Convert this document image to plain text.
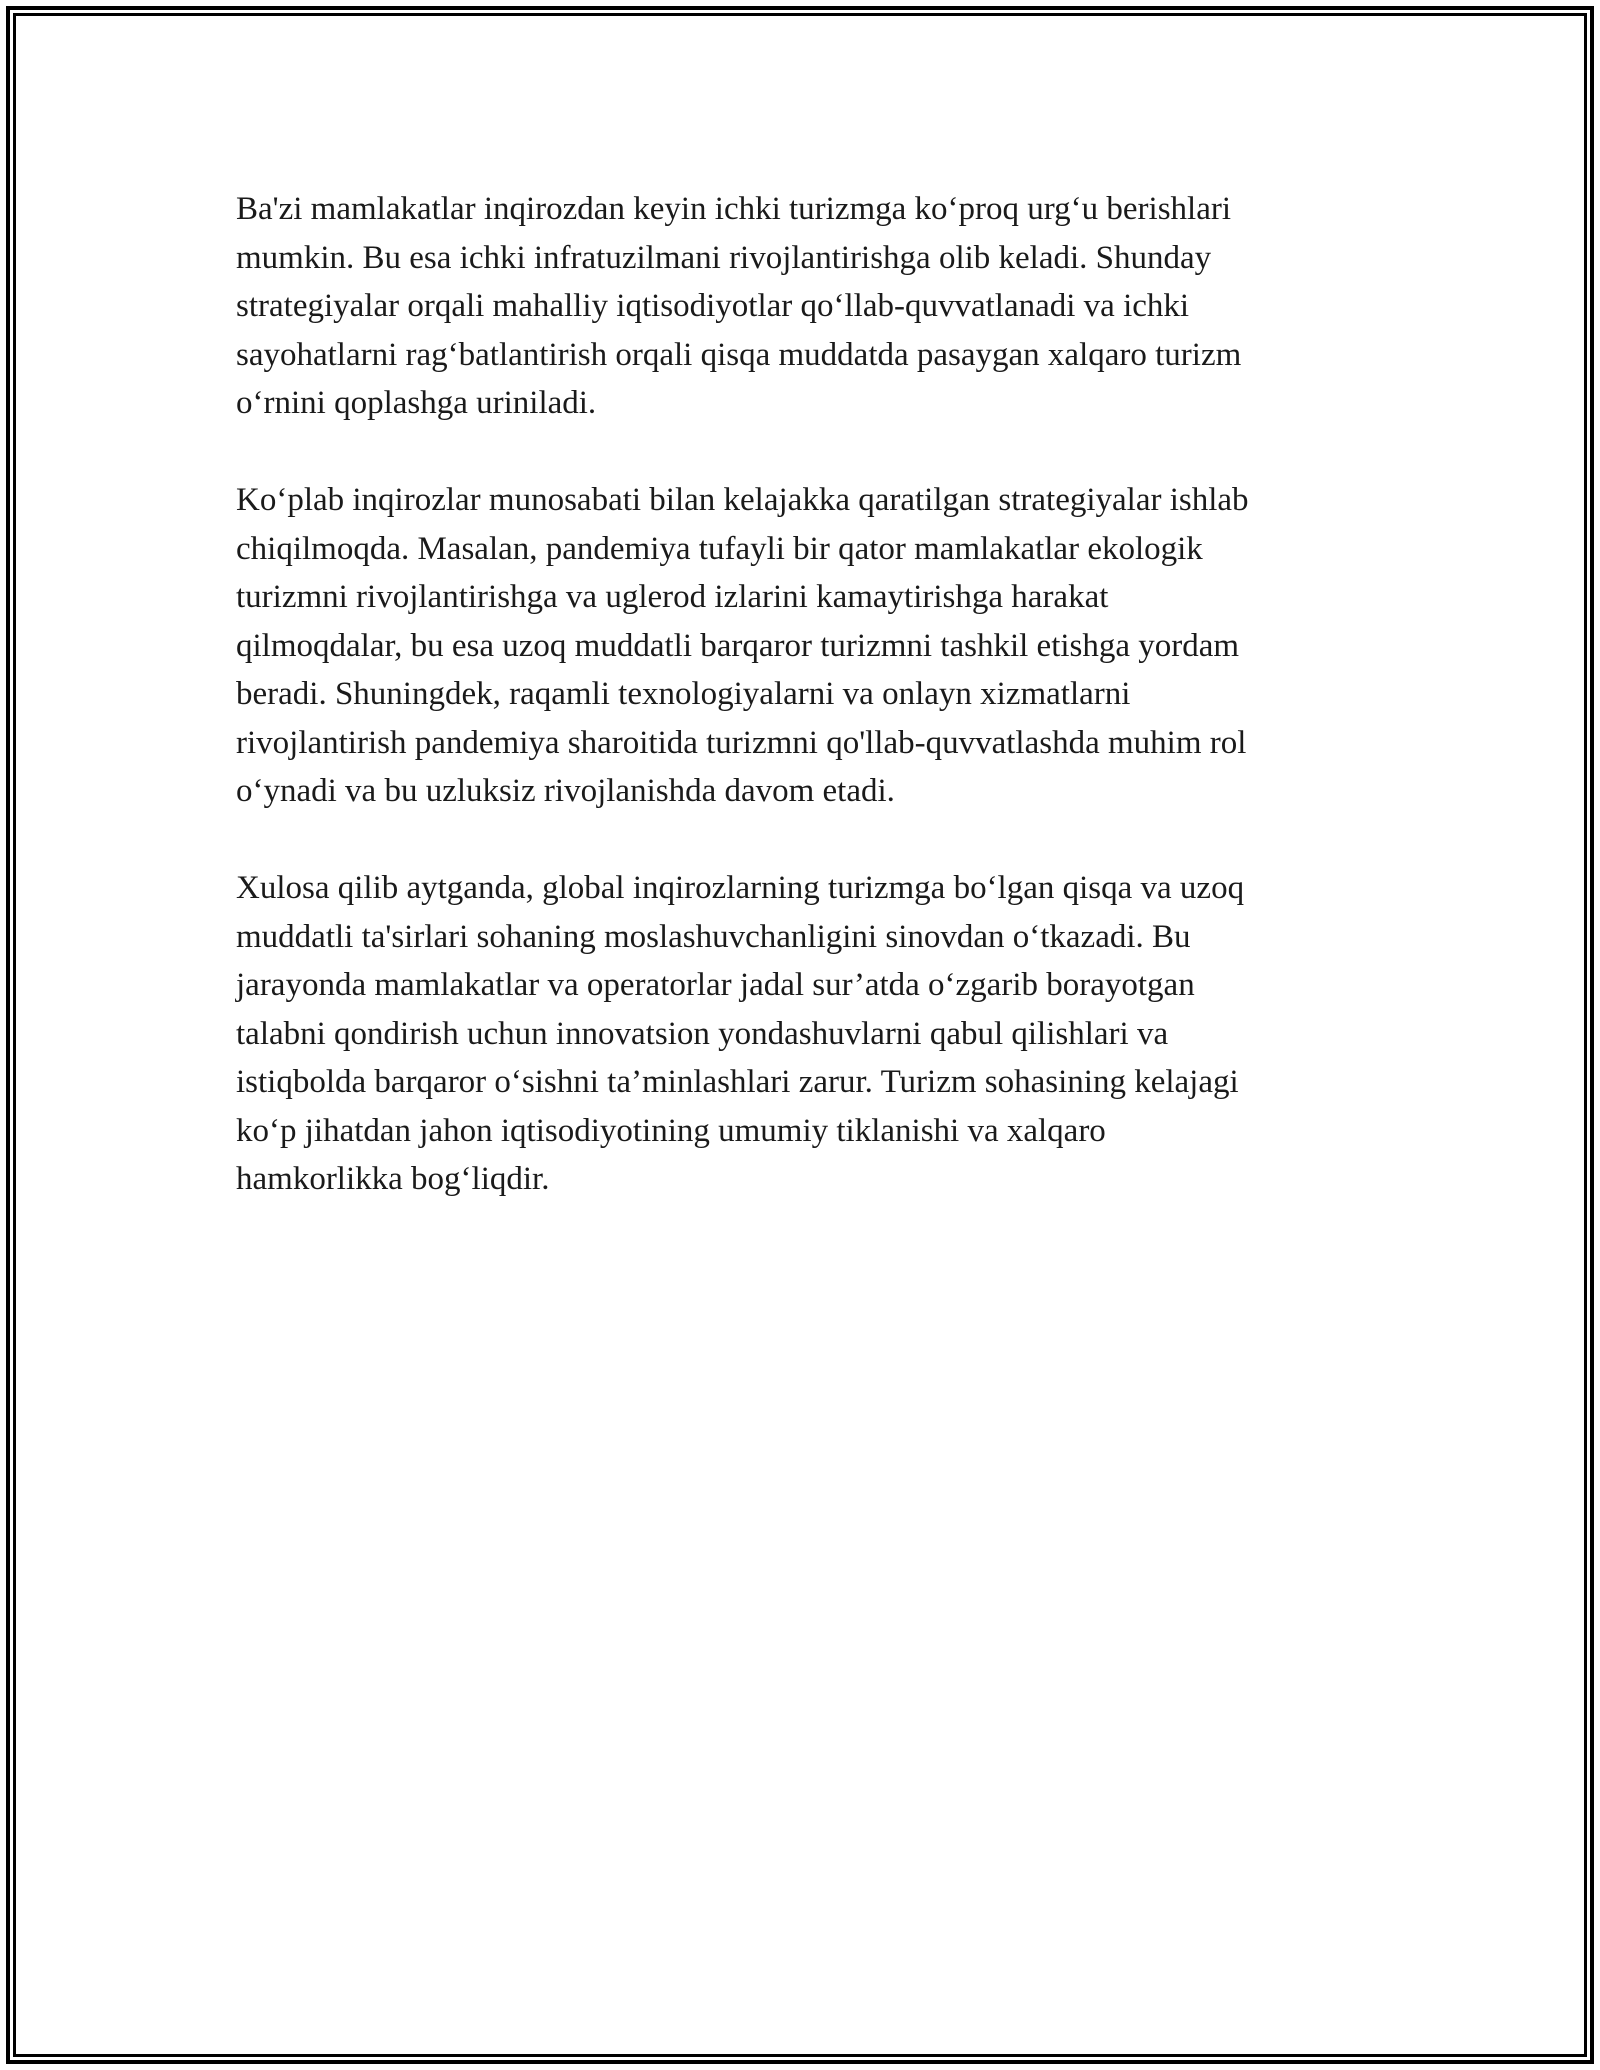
Ba'zi mamlakatlar inqirozdan keyin ichki turizmga ko‘proq urg‘u berishlari
mumkin. Bu esa ichki infratuzilmani rivojlantirishga olib keladi. Shunday
strategiyalar orqali mahalliy iqtisodiyotlar qo‘llab-quvvatlanadi va ichki
sayohatlarni rag‘batlantirish orqali qisqa muddatda pasaygan xalqaro turizm
o‘rnini qoplashga uriniladi.

Ko‘plab inqirozlar munosabati bilan kelajakka qaratilgan strategiyalar ishlab
chiqilmoqda. Masalan, pandemiya tufayli bir qator mamlakatlar ekologik
turizmni rivojlantirishga va uglerod izlarini kamaytirishga harakat
qilmoqdalar, bu esa uzoq muddatli barqaror turizmni tashkil etishga yordam
beradi. Shuningdek, raqamli texnologiyalarni va onlayn xizmatlarni
rivojlantirish pandemiya sharoitida turizmni qo'llab-quvvatlashda muhim rol
o‘ynadi va bu uzluksiz rivojlanishda davom etadi.

Xulosa qilib aytganda, global inqirozlarning turizmga bo‘lgan qisqa va uzoq
muddatli ta'sirlari sohaning moslashuvchanligini sinovdan o‘tkazadi. Bu
jarayonda mamlakatlar va operatorlar jadal sur’atda o‘zgarib borayotgan
talabni qondirish uchun innovatsion yondashuvlarni qabul qilishlari va
istiqbolda barqaror o‘sishni ta’minlashlari zarur. Turizm sohasining kelajagi
ko‘p jihatdan jahon iqtisodiyotining umumiy tiklanishi va xalqaro
hamkorlikka bog‘liqdir.
